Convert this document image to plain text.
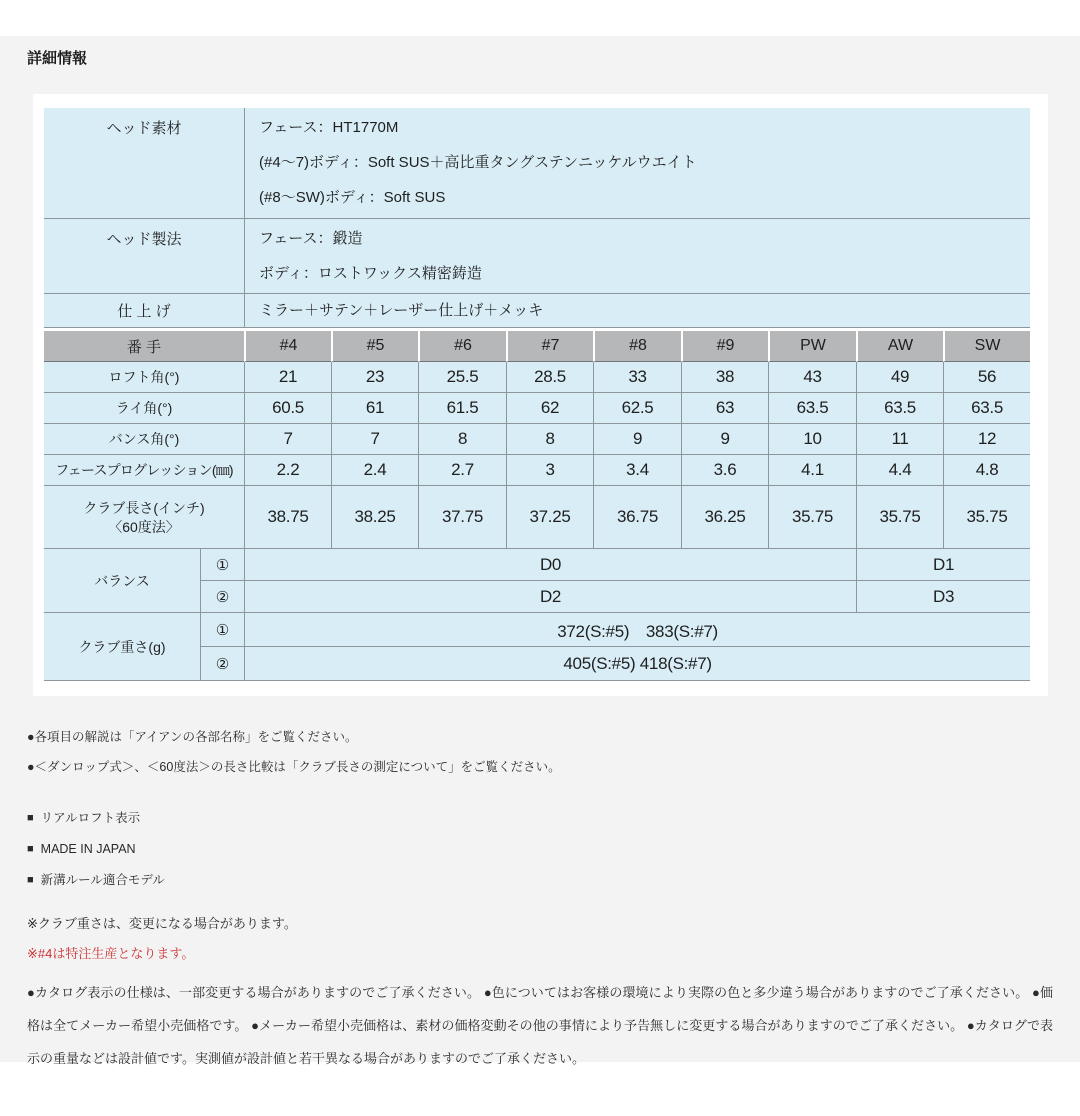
詳細情報
ヘッド素材		フェース：HT1770M
(#4〜7)ボディ：Soft SUS＋高比重タングステンニッケルウエイト
(#8〜SW)ボディ：Soft SUS								

ヘッド製法		フェース：鍛造
ボディ：ロストワックス精密鋳造								

仕 上 げ		ミラー＋サテン＋レーザー仕上げ＋メッキ								
番 手		#4	#5	#6	#7	#8	#9	PW	AW	SW
ロフト角(°)		21	23	25.5	28.5	33	38	43	49	56
ライ角(°)		60.5	61	61.5	62	62.5	63	63.5	63.5	63.5
バンス角(°)		7	7	8	8	9	9	10	11	12
フェースプログレッション(㎜)		2.2	2.4	2.7	3	3.4	3.6	4.1	4.4	4.8

クラブ長さ(インチ)
〈60度法〉		38.75	38.25	37.75	37.25	36.75	36.25	35.75	35.75	35.75
バランス	①	D0							D1	
	②	D2							D3	
クラブ重さ(g)	①	372(S:#5)　383(S:#7)								
	②	405(S:#5) 418(S:#7)								
●各項目の解説は「アイアンの各部名称」をご覧ください。
●＜ダンロップ式＞、＜60度法＞の長さ比較は「クラブ長さの測定について」をご覧ください。
■ リアルロフト表示
■ MADE IN JAPAN
■ 新溝ルール適合モデル
※クラブ重さは、変更になる場合があります。
※#4は特注生産となります。
●カタログ表示の仕様は、一部変更する場合がありますのでご了承ください。 ●色についてはお客様の環境により実際の色と多少違う場合がありますのでご了承ください。 ●価格は全てメーカー希望小売価格です。 ●メーカー希望小売価格は、素材の価格変動その他の事情により予告無しに変更する場合がありますのでご了承ください。 ●カタログで表示の重量などは設計値です。実測値が設計値と若干異なる場合がありますのでご了承ください。
